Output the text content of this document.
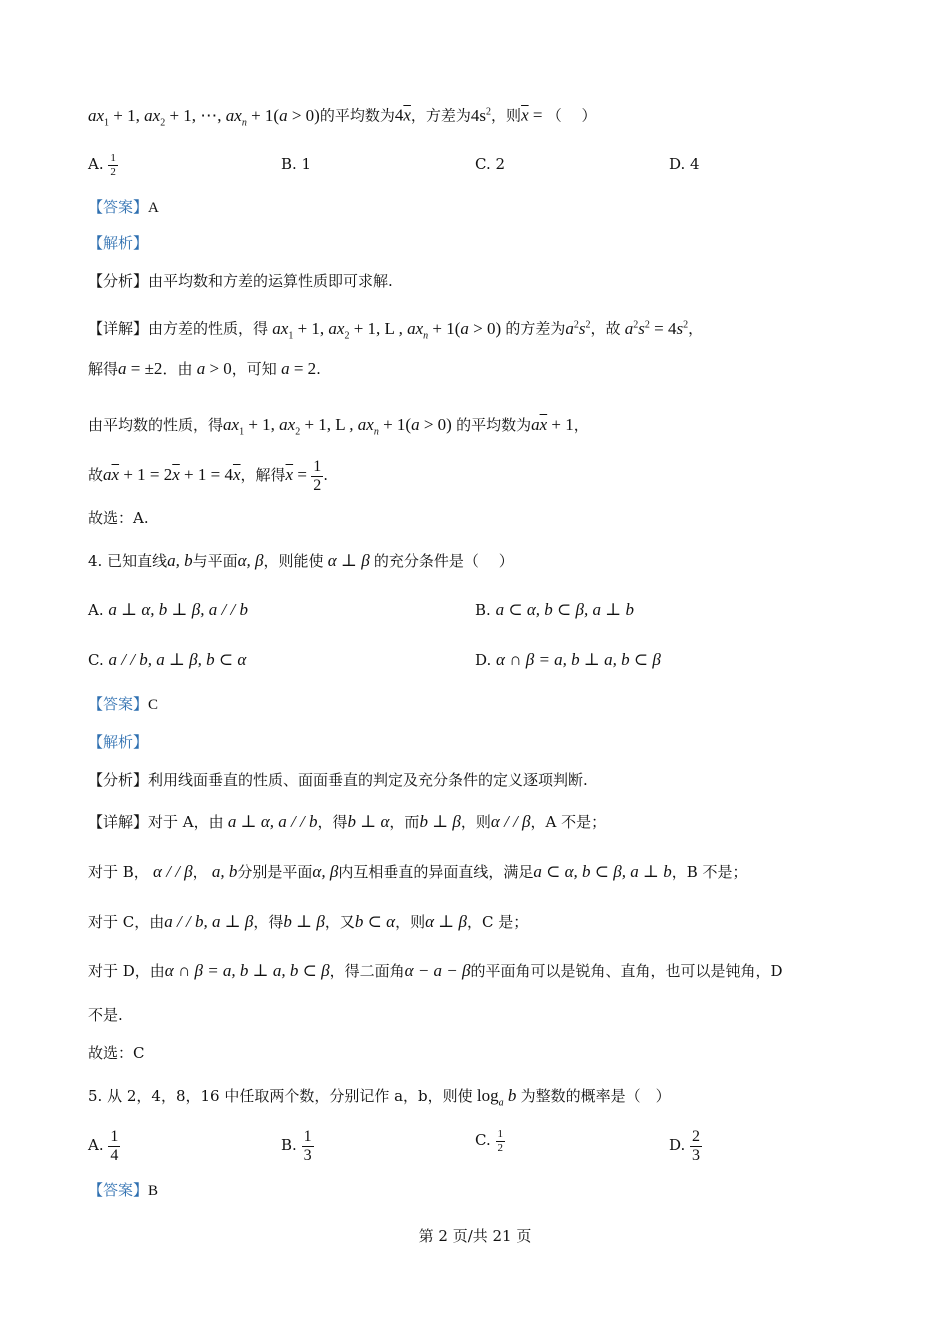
$ax_1 + 1$, $ax_2 + 1$, ⋯, $ax_n + 1(a > 0)$的平均数为$4\overline{x}$，方差为$4s^2$，则$\overline{x}$ = （　 ）
A. $\frac{1}{2}$	B. 1	C. 2	D. 4
【答案】A
【解析】
【分析】由平均数和方差的运算性质即可求解.
【详解】由方差的性质，得 $ax_1 + 1$, $ax_2 + 1$, L , $ax_n + 1(a > 0)$ 的方差为$a^2s^2$，故 $a^2s^2 = 4s^2$，
解得a = ±2．由 a > 0，可知 a = 2.
由平均数的性质，得$ax_1 + 1$, $ax_2 + 1$, L , $ax_n + 1(a > 0)$ 的平均数为$a\overline{x} + 1$，
故$a\overline{x} + 1 = 2\overline{x} + 1 = 4\overline{x}$，解得$\overline{x} = \frac{1}{2}$ .
故选：A.
4. 已知直线a, b与平面α, β，则能使 α ⊥ β 的充分条件是（　 ）
A. a ⊥ α, b ⊥ β, a / / b	B. a ⊂ α, b ⊂ β, a ⊥ b
C. a / / b, a ⊥ β, b ⊂ α	D. α ∩ β = a, b ⊥ a, b ⊂ β
【答案】C
【解析】
【分析】利用线面垂直的性质、面面垂直的判定及充分条件的定义逐项判断.
【详解】对于 A，由 a ⊥ α, a / / b，得b ⊥ α，而b ⊥ β，则α / / β，A 不是；
对于 B， α / / β， a, b分别是平面α, β内互相垂直的异面直线，满足a ⊂ α, b ⊂ β, a ⊥ b，B 不是；
对于 C，由a / / b, a ⊥ β，得b ⊥ β，又b ⊂ α，则α ⊥ β，C 是；
对于 D，由α ∩ β = a, b ⊥ a, b ⊂ β，得二面角α − a − β的平面角可以是锐角、直角，也可以是钝角，D
不是.
故选：C
5. 从 2，4，8，16 中任取两个数，分别记作 a，b，则使 $\log_a b$ 为整数的概率是（　）
A. $\frac{1}{4}$	B. $\frac{1}{3}$	C. $\frac{1}{2}$	D. $\frac{2}{3}$
【答案】B
第 2 页/共 21 页
